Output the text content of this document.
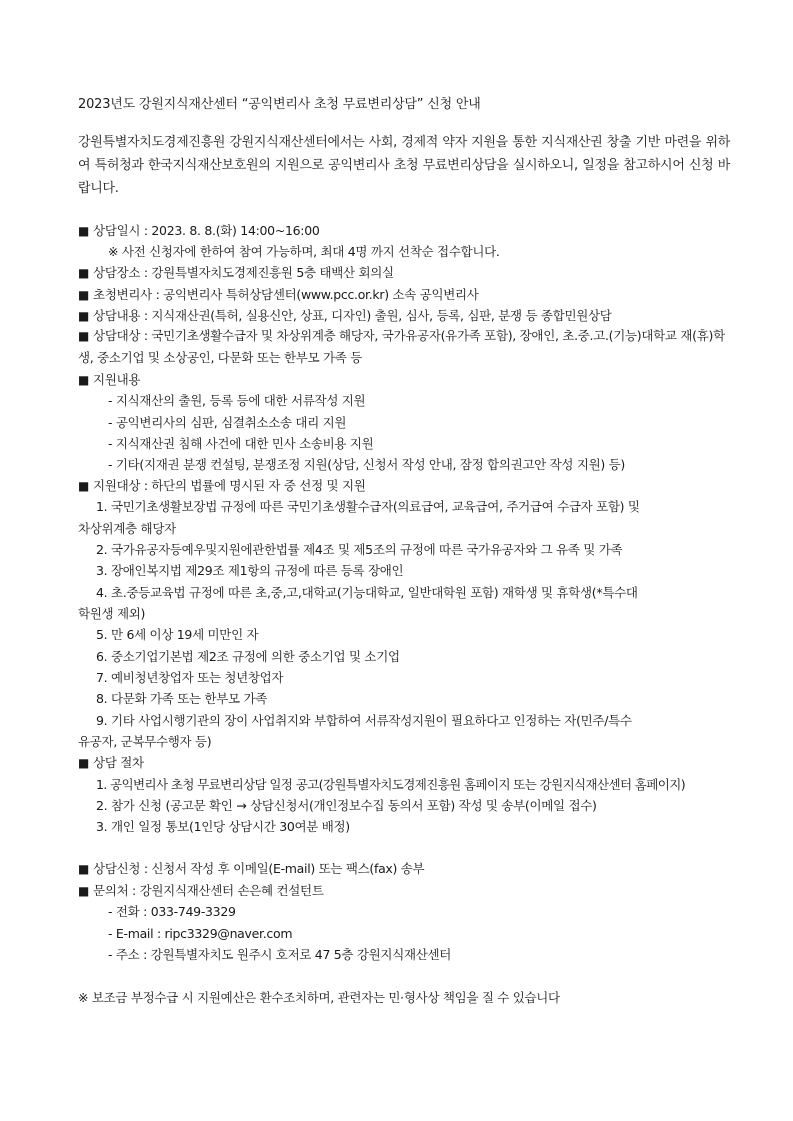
2023년도 강원지식재산센터 “공익변리사 초청 무료변리상담” 신청 안내
강원특별자치도경제진흥원 강원지식재산센터에서는 사회, 경제적 약자 지원을 통한 지식재산권 창출 기반 마련을 위하여 특허청과 한국지식재산보호원의 지원으로 공익변리사 초청 무료변리상담을 실시하오니, 일정을 참고하시어 신청 바랍니다.
■ 상담일시 : 2023. 8. 8.(화) 14:00~16:00
※ 사전 신청자에 한하여 참여 가능하며, 최대 4명 까지 선착순 접수합니다.
■ 상담장소 : 강원특별자치도경제진흥원 5층 태백산 회의실
■ 초청변리사 : 공익변리사 특허상담센터(www.pcc.or.kr) 소속 공익변리사
■ 상담내용 : 지식재산권(특허, 실용신안, 상표, 디자인) 출원, 심사, 등록, 심판, 분쟁 등 종합민원상담
■ 상담대상 : 국민기초생활수급자 및 차상위계층 해당자, 국가유공자(유가족 포함), 장애인, 초.중.고.(기능)대학교 재(휴)학생, 중소기업 및 소상공인, 다문화 또는 한부모 가족 등
■ 지원내용
- 지식재산의 출원, 등록 등에 대한 서류작성 지원
- 공익변리사의 심판, 심결취소소송 대리 지원
- 지식재산권 침해 사건에 대한 민사 소송비용 지원
- 기타(지재권 분쟁 컨설팅, 분쟁조정 지원(상담, 신청서 작성 안내, 잠정 합의권고안 작성 지원) 등)
■ 지원대상 : 하단의 법률에 명시된 자 중 선정 및 지원
1. 국민기초생활보장법 규정에 따른 국민기초생활수급자(의료급여, 교육급여, 주거급여 수급자 포함) 및
차상위계층 해당자
2. 국가유공자등예우및지원에관한법률 제4조 및 제5조의 규정에 따른 국가유공자와 그 유족 및 가족
3. 장애인복지법 제29조 제1항의 규정에 따른 등록 장애인
4. 초.중등교육법 규정에 따른 초,중,고,대학교(기능대학교, 일반대학원 포함) 재학생 및 휴학생(*특수대
학원생 제외)
5. 만 6세 이상 19세 미만인 자
6. 중소기업기본법 제2조 규정에 의한 중소기업 및 소기업
7. 예비청년창업자 또는 청년창업자
8. 다문화 가족 또는 한부모 가족
9. 기타 사업시행기관의 장이 사업취지와 부합하여 서류작성지원이 필요하다고 인정하는 자(민주/특수
유공자, 군복무수행자 등)
■ 상담 절차
1. 공익변리사 초청 무료변리상담 일정 공고(강원특별자치도경제진흥원 홈페이지 또는 강원지식재산센터 홈페이지)
2. 참가 신청 (공고문 확인 → 상담신청서(개인정보수집 동의서 포함) 작성 및 송부(이메일 접수)
3. 개인 일정 통보(1인당 상담시간 30여분 배정)
■ 상담신청 : 신청서 작성 후 이메일(E-mail) 또는 팩스(fax) 송부
■ 문의처 : 강원지식재산센터 손은혜 컨설턴트
- 전화 : 033-749-3329
- E-mail : ripc3329@naver.com
- 주소 : 강원특별자치도 원주시 호저로 47 5층 강원지식재산센터
※ 보조금 부정수급 시 지원예산은 환수조치하며, 관련자는 민·형사상 책임을 질 수 있습니다
